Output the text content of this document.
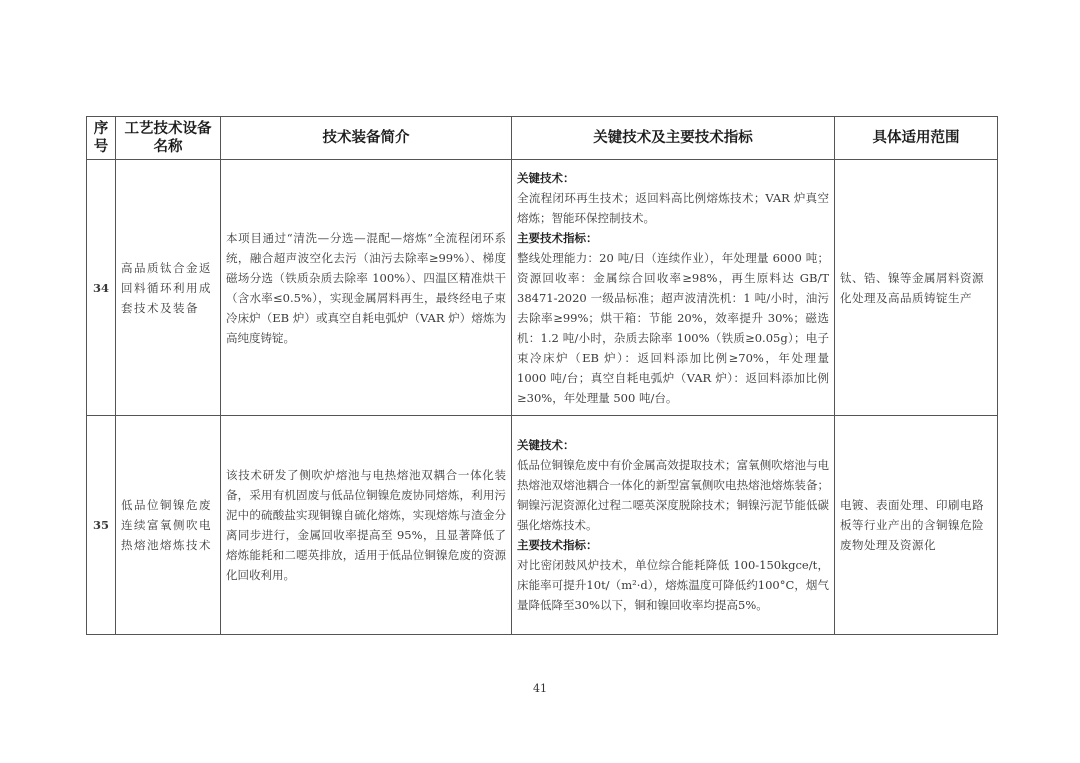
序号	工艺技术设备名称	技术装备简介	关键技术及主要技术指标	具体适用范围
34	高品质钛合金返回料循环利用成套技术及装备	本项目通过“清洗—分选—混配—熔炼”全流程闭环系统，融合超声波空化去污（油污去除率≥99%）、梯度磁场分选（铁质杂质去除率 100%）、四温区精准烘干（含水率≤0.5%），实现金属屑料再生，最终经电子束冷床炉（EB 炉）或真空自耗电弧炉（VAR 炉）熔炼为高纯度铸锭。	关键技术：
全流程闭环再生技术；返回料高比例熔炼技术；VAR 炉真空熔炼；智能环保控制技术。
主要技术指标：
整线处理能力：20 吨/日（连续作业），年处理量 6000 吨；资源回收率：金属综合回收率≥98%，再生原料达 GB/T 38471-2020 一级品标准；超声波清洗机：1 吨/小时，油污去除率≥99%；烘干箱：节能 20%，效率提升 30%；磁选机：1.2 吨/小时，杂质去除率 100%（铁质≥0.05g）；电子束冷床炉（EB 炉）：返回料添加比例≥70%，年处理量 1000 吨/台；真空自耗电弧炉（VAR 炉）：返回料添加比例≥30%，年处理量 500 吨/台。	钛、锆、镍等金属屑料资源化处理及高品质铸锭生产
35	低品位铜镍危废连续富氧侧吹电热熔池熔炼技术	该技术研发了侧吹炉熔池与电热熔池双耦合一体化装备，采用有机固废与低品位铜镍危废协同熔炼，利用污泥中的硫酸盐实现铜镍自硫化熔炼，实现熔炼与渣金分离同步进行，金属回收率提高至 95%，且显著降低了熔炼能耗和二噁英排放，适用于低品位铜镍危废的资源化回收利用。	关键技术：
低品位铜镍危废中有价金属高效提取技术；富氧侧吹熔池与电热熔池双熔池耦合一体化的新型富氧侧吹电热熔池熔炼装备；铜镍污泥资源化过程二噁英深度脱除技术；铜镍污泥节能低碳强化熔炼技术。
主要技术指标：
对比密闭鼓风炉技术，单位综合能耗降低 100-150kgce/t，床能率可提升10t/（m²·d），熔炼温度可降低约100°C，烟气量降低降至30%以下，铜和镍回收率均提高5%。	电镀、表面处理、印刷电路板等行业产出的含铜镍危险废物处理及资源化
41
